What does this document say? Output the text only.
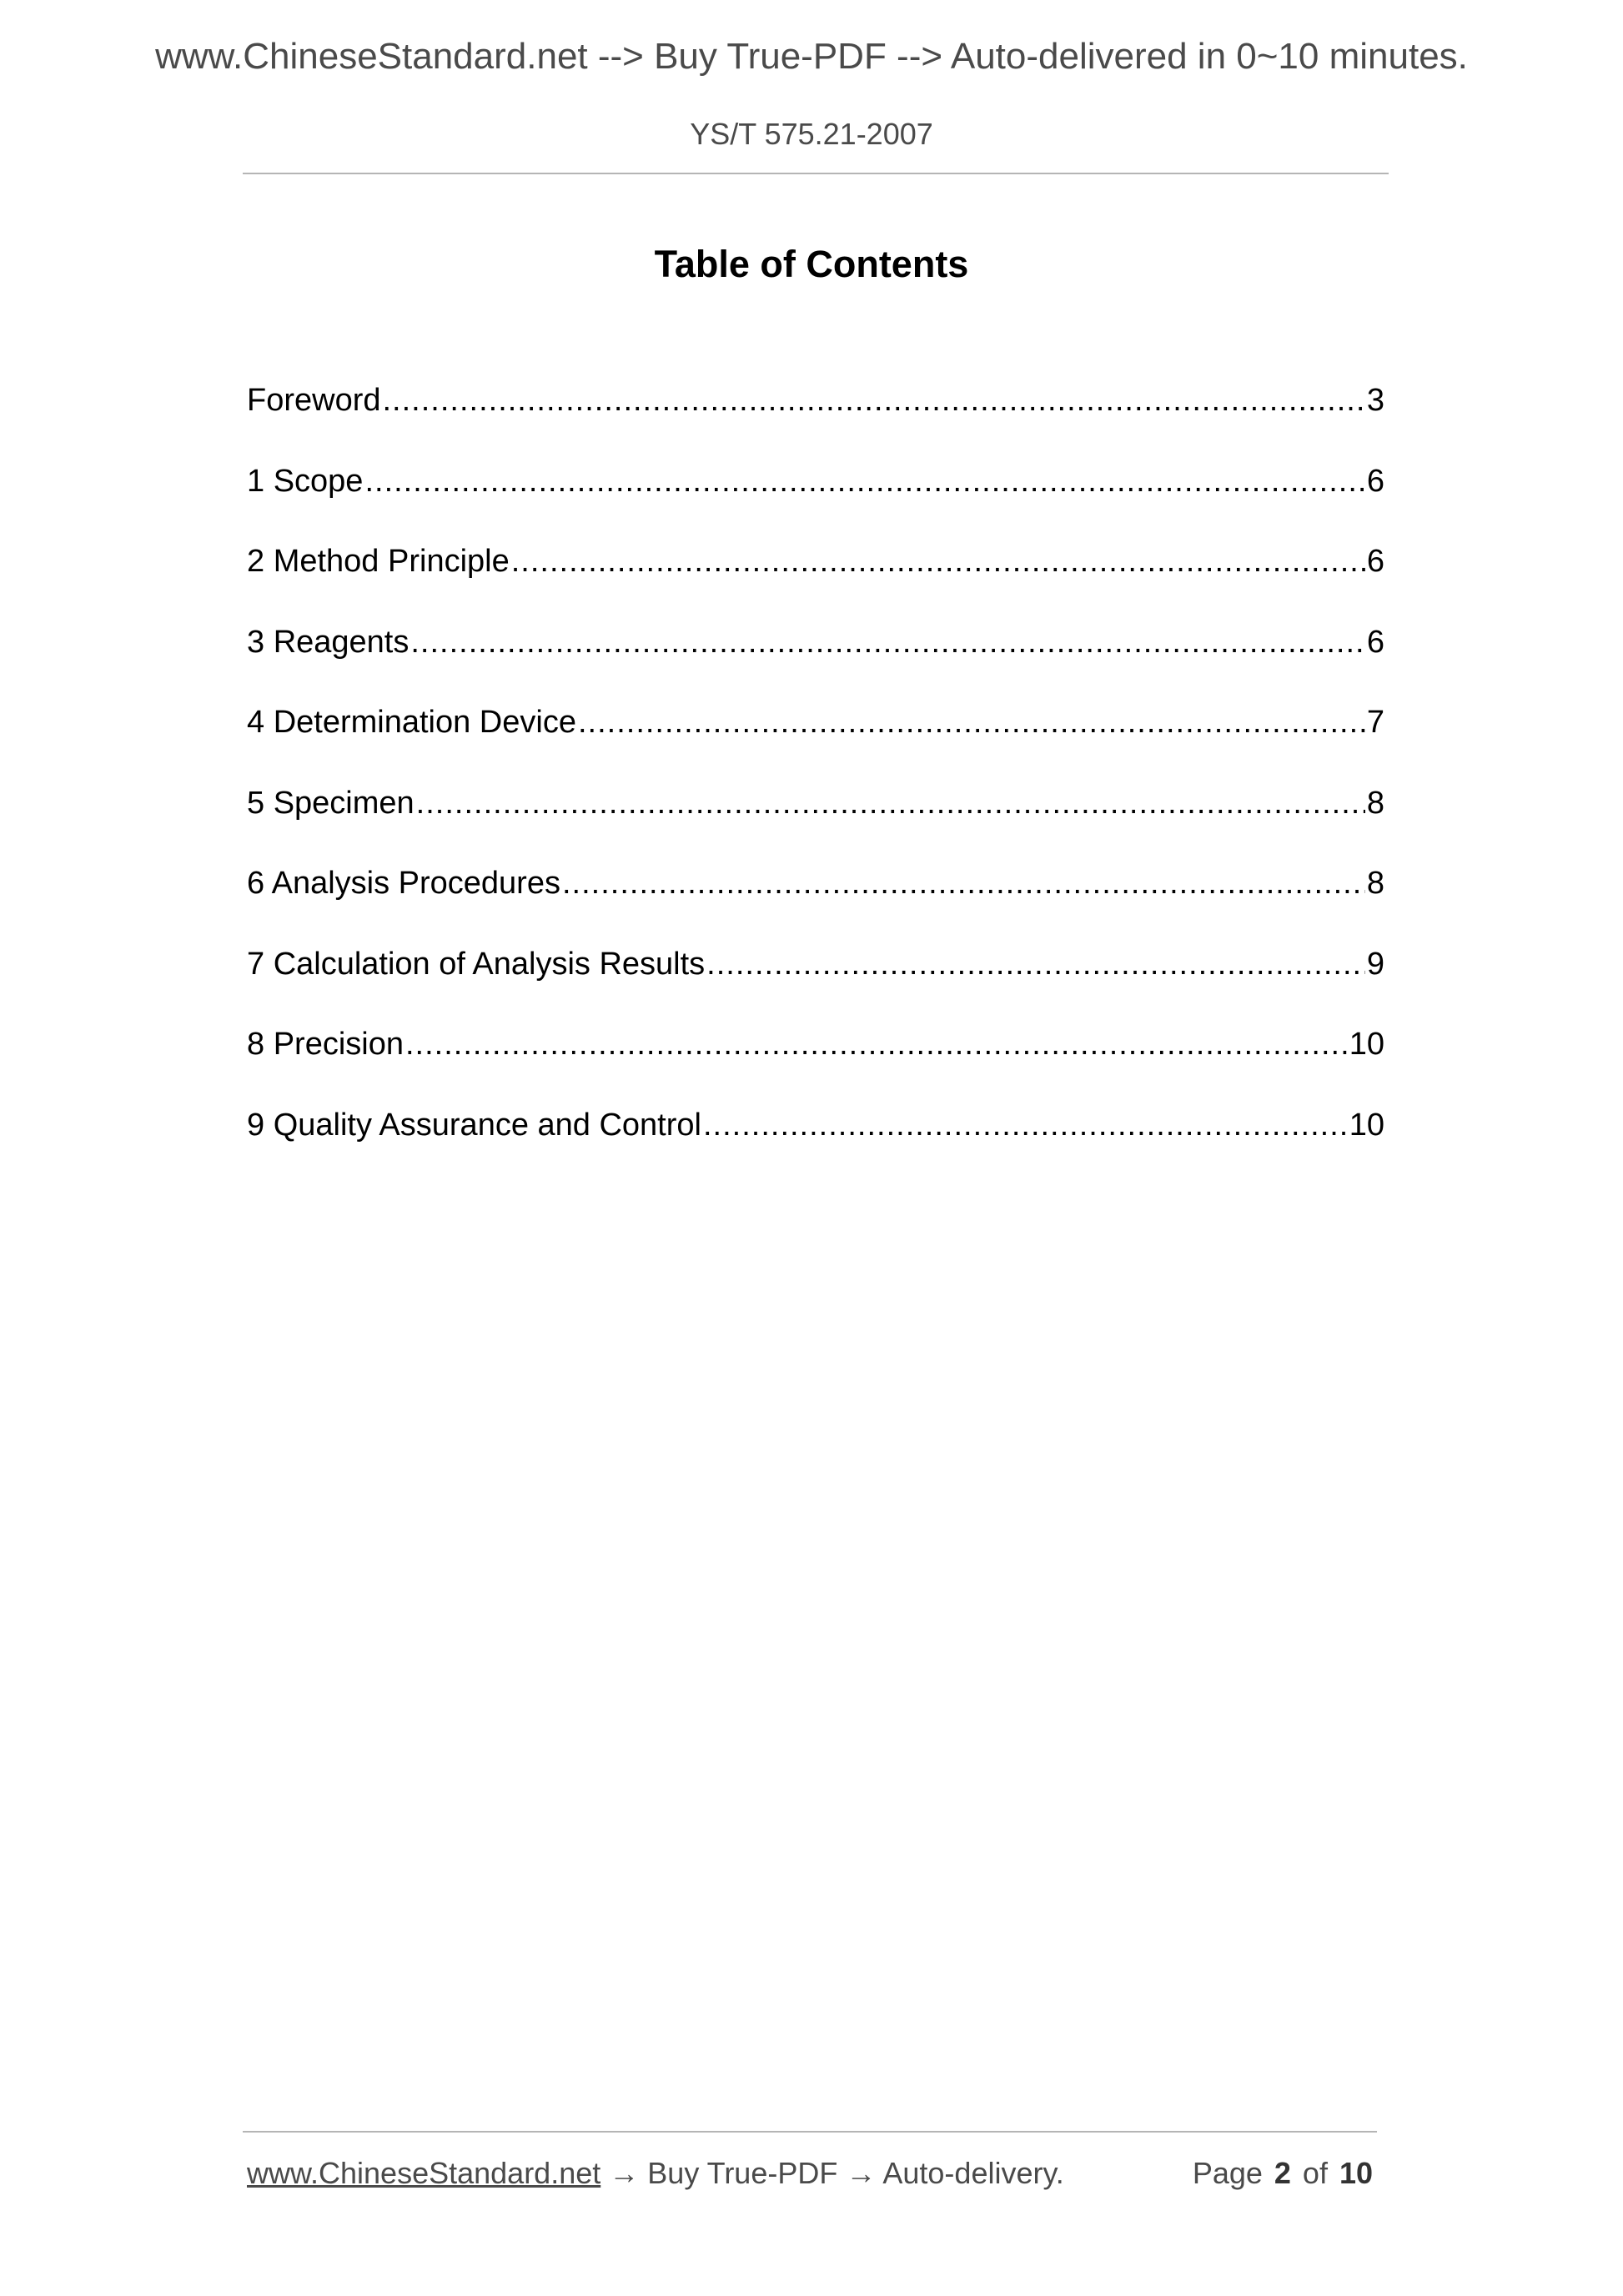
www.ChineseStandard.net --> Buy True-PDF --> Auto-delivered in 0~10 minutes.
YS/T 575.21-2007
Table of Contents
Foreword .....	3
1 Scope .....	6
2 Method Principle .....	6
3 Reagents .....	6
4 Determination Device .....	7
5 Specimen .....	8
6 Analysis Procedures .....	8
7 Calculation of Analysis Results .....	9
8 Precision .....	10
9 Quality Assurance and Control .....	10
www.ChineseStandard.net → Buy True-PDF → Auto-delivery.	Page 2 of 10
